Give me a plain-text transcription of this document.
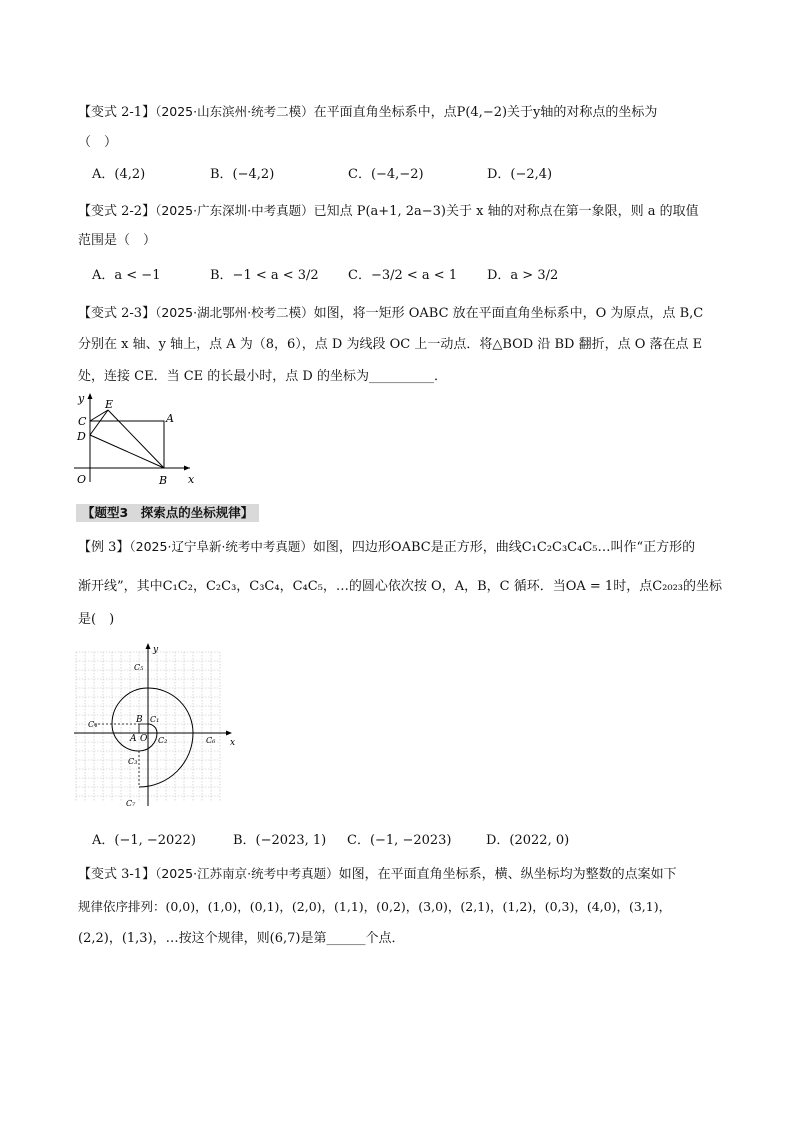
【变式 2-1】（2025·山东滨州·统考二模）在平面直角坐标系中，点P(4,−2)关于y轴的对称点的坐标为
（　）
A．(4,2)	B．(−4,2)	C．(−4,−2)	D．(−2,4)
【变式 2-2】（2025·广东深圳·中考真题）已知点 P(a+1, 2a−3)关于 x 轴的对称点在第一象限，则 a 的取值
范围是（　）
A．a < −1	B．−1 < a < 3/2 C．−3/2 < a < 1 D．a > 3/2
【变式 2-3】（2025·湖北鄂州·校考二模）如图，将一矩形 OABC 放在平面直角坐标系中，O 为原点，点 B,C
分别在 x 轴、y 轴上，点 A 为（8，6），点 D 为线段 OC 上一动点．将△BOD 沿 BD 翻折，点 O 落在点 E
处，连接 CE．当 CE 的长最小时，点 D 的坐标为__________．
y
x
O
A
B
C
D
E
【题型3　探索点的坐标规律】
【例 3】（2025·辽宁阜新·统考中考真题）如图，四边形OABC是正方形，曲线C₁C₂C₃C₄C₅…叫作“正方形的
渐开线”，其中C₁C₂，C₂C₃，C₃C₄，C₄C₅，…的圆心依次按 O，A，B，C 循环．当OA = 1时，点C₂₀₂₃的坐标
是(　)
x
y
B C₁
C₂
A O
C₃
C₄
C₅
C₆
C₇
A．(−1, −2022)	B．(−2023, 1) C．(−1, −2023)	D．(2022, 0)
【变式 3-1】（2025·江苏南京·统考中考真题）如图，在平面直角坐标系，横、纵坐标均为整数的点案如下
规律依序排列：(0,0)，(1,0)，(0,1)，(2,0)，(1,1)，(0,2)，(3,0)，(2,1)，(1,2)，(0,3)，(4,0)，(3,1)，
(2,2)，(1,3)，…按这个规律，则(6,7)是第______个点．
